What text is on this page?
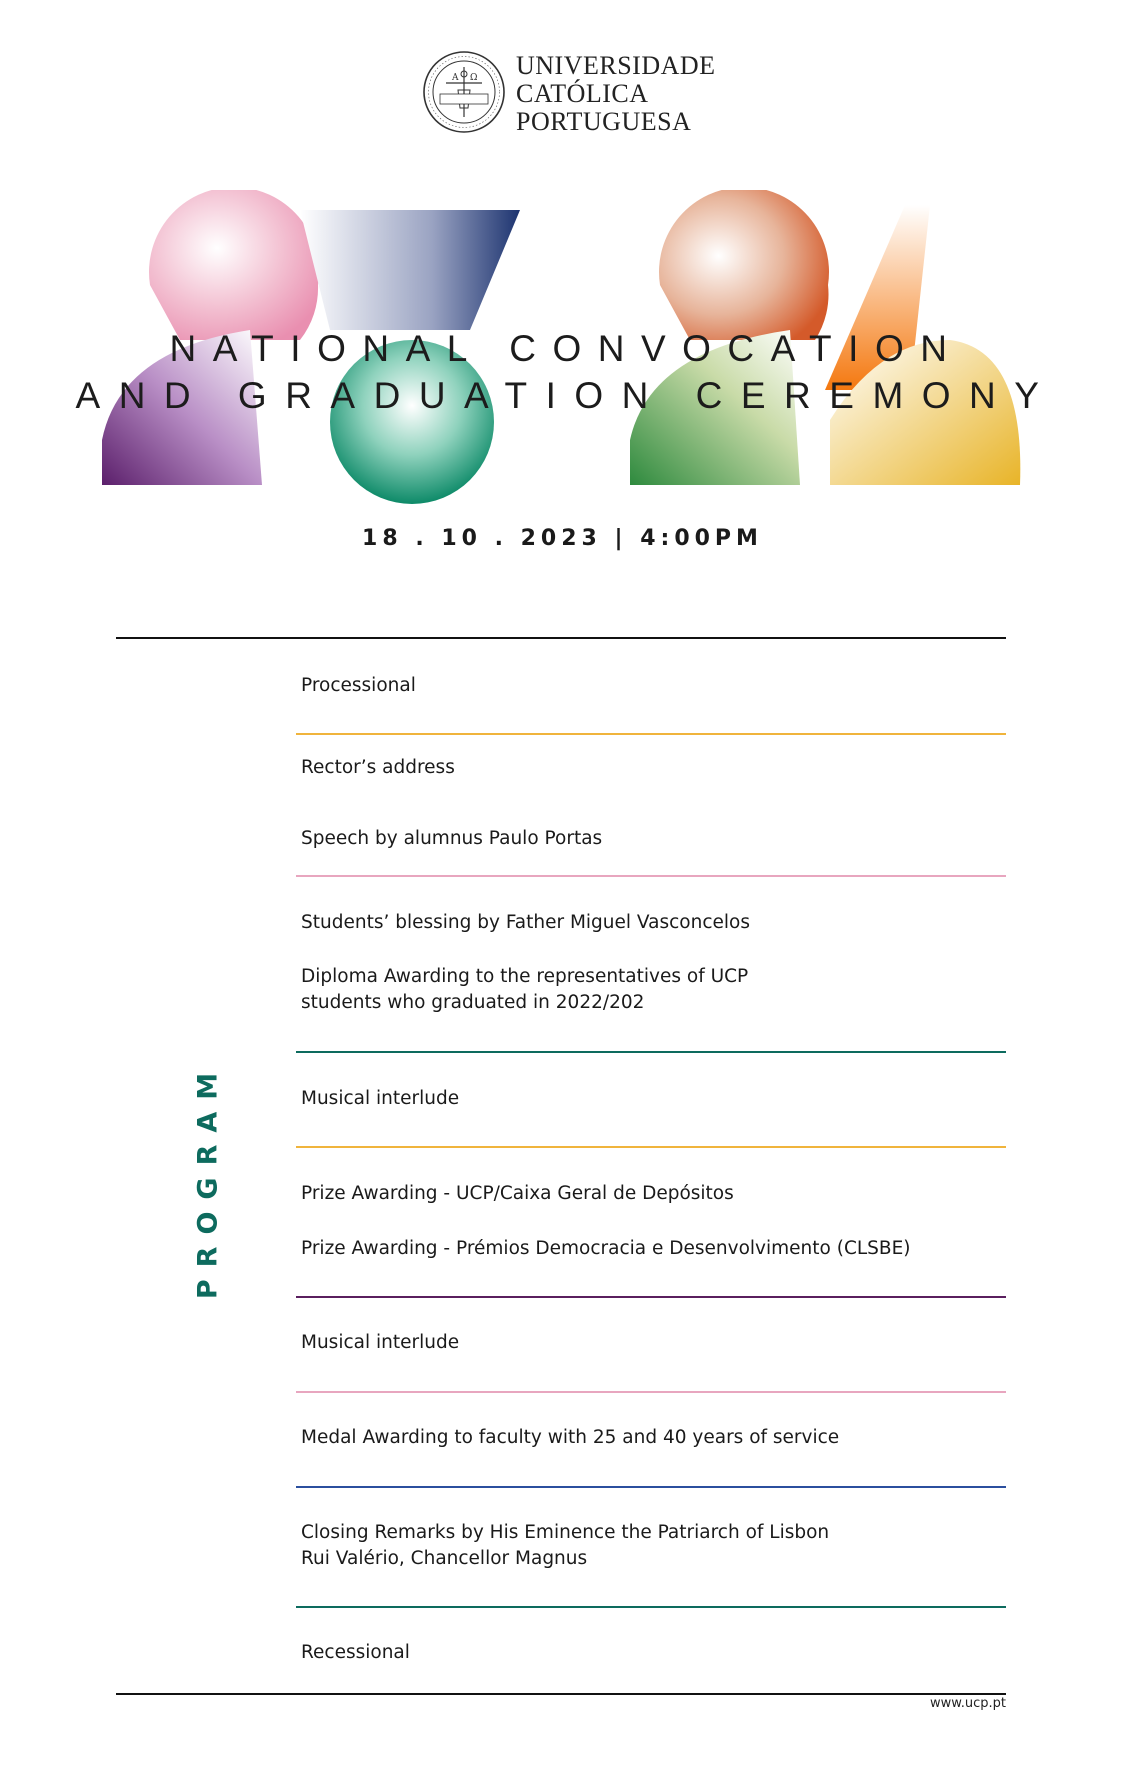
A Ω UNIVERSIDADE
CATÓLICA
PORTUGUESA
NATIONAL CONVOCATION
AND GRADUATION CEREMONY
18 . 10 . 2023 | 4:00PM
PROGRAM
Processional
Rector’s address
Speech by alumnus Paulo Portas
Students’ blessing by Father Miguel Vasconcelos
Diploma Awarding to the representatives of UCP
students who graduated in 2022/202
Musical interlude
Prize Awarding - UCP/Caixa Geral de Depósitos
Prize Awarding - Prémios Democracia e Desenvolvimento (CLSBE)
Musical interlude
Medal Awarding to faculty with 25 and 40 years of service
Closing Remarks by His Eminence the Patriarch of Lisbon
Rui Valério, Chancellor Magnus
Recessional
www.ucp.pt
